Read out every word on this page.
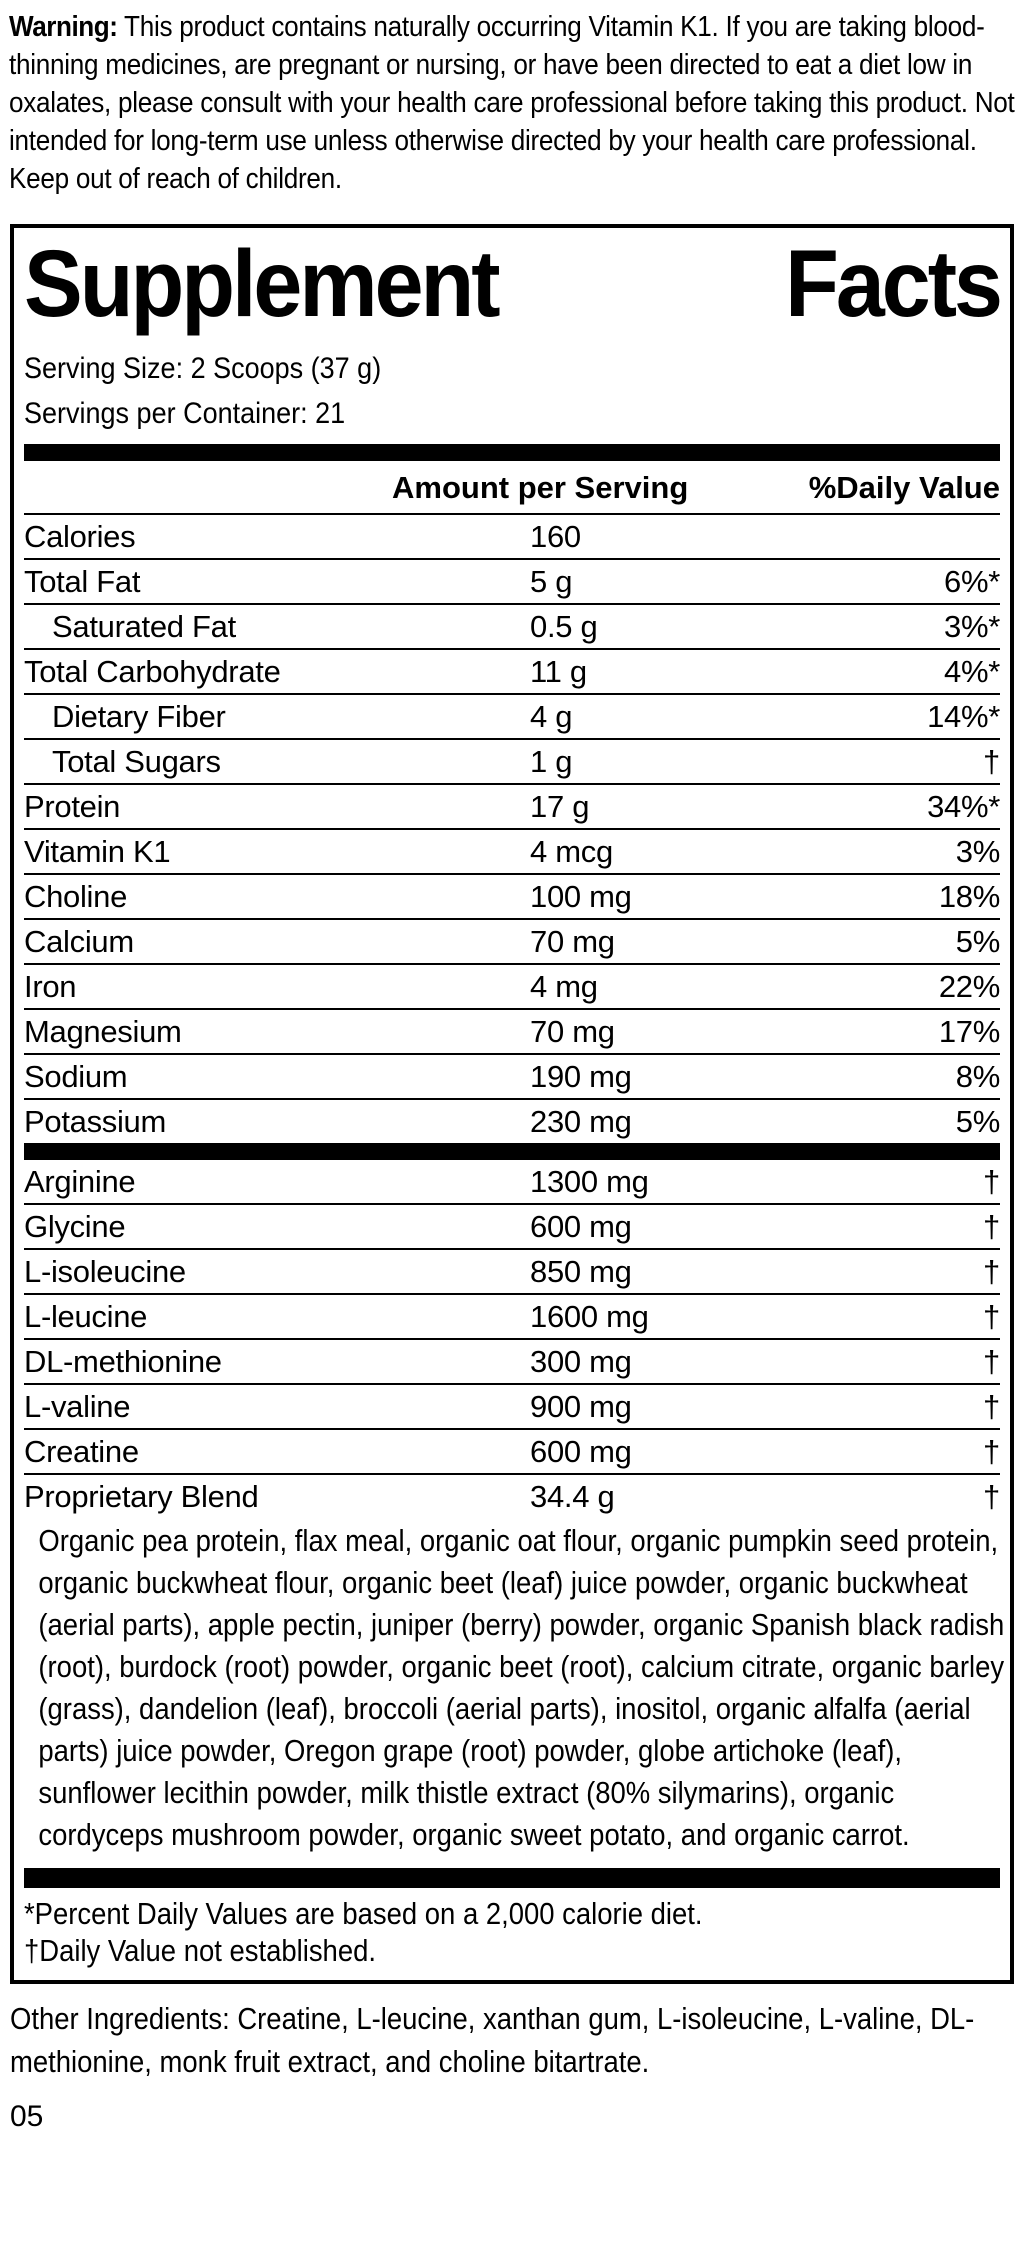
Warning: This product contains naturally occurring Vitamin K1. If you are taking blood-thinning medicines, are pregnant or nursing, or have been directed to eat a diet low in oxalates, please consult with your health care professional before taking this product. Not intended for long-term use unless otherwise directed by your health care professional. Keep out of reach of children.
Supplement	Facts
Serving Size: 2 Scoops (37 g)
Servings per Container: 21
Amount per Serving	%Daily Value
Calories	160
Total Fat	5 g	6%*
Saturated Fat	0.5 g	3%*
Total Carbohydrate	11 g	4%*
Dietary Fiber	4 g	14%*
Total Sugars	1 g	†
Protein	17 g	34%*
Vitamin K1	4 mcg	3%
Choline	100 mg	18%
Calcium	70 mg	5%
Iron	4 mg	22%
Magnesium	70 mg	17%
Sodium	190 mg	8%
Potassium	230 mg	5%
Arginine	1300 mg	†
Glycine	600 mg	†
L-isoleucine	850 mg	†
L-leucine	1600 mg	†
DL-methionine	300 mg	†
L-valine	900 mg	†
Creatine	600 mg	†
Proprietary Blend	34.4 g	†
Organic pea protein, flax meal, organic oat flour, organic pumpkin seed protein, organic buckwheat flour, organic beet (leaf) juice powder, organic buckwheat (aerial parts), apple pectin, juniper (berry) powder, organic Spanish black radish (root), burdock (root) powder, organic beet (root), calcium citrate, organic barley (grass), dandelion (leaf), broccoli (aerial parts), inositol, organic alfalfa (aerial parts) juice powder, Oregon grape (root) powder, globe artichoke (leaf), sunflower lecithin powder, milk thistle extract (80% silymarins), organic cordyceps mushroom powder, organic sweet potato, and organic carrot.
*Percent Daily Values are based on a 2,000 calorie diet.
†Daily Value not established.
Other Ingredients: Creatine, L-leucine, xanthan gum, L-isoleucine, L-valine, DL-methionine, monk fruit extract, and choline bitartrate.
05
